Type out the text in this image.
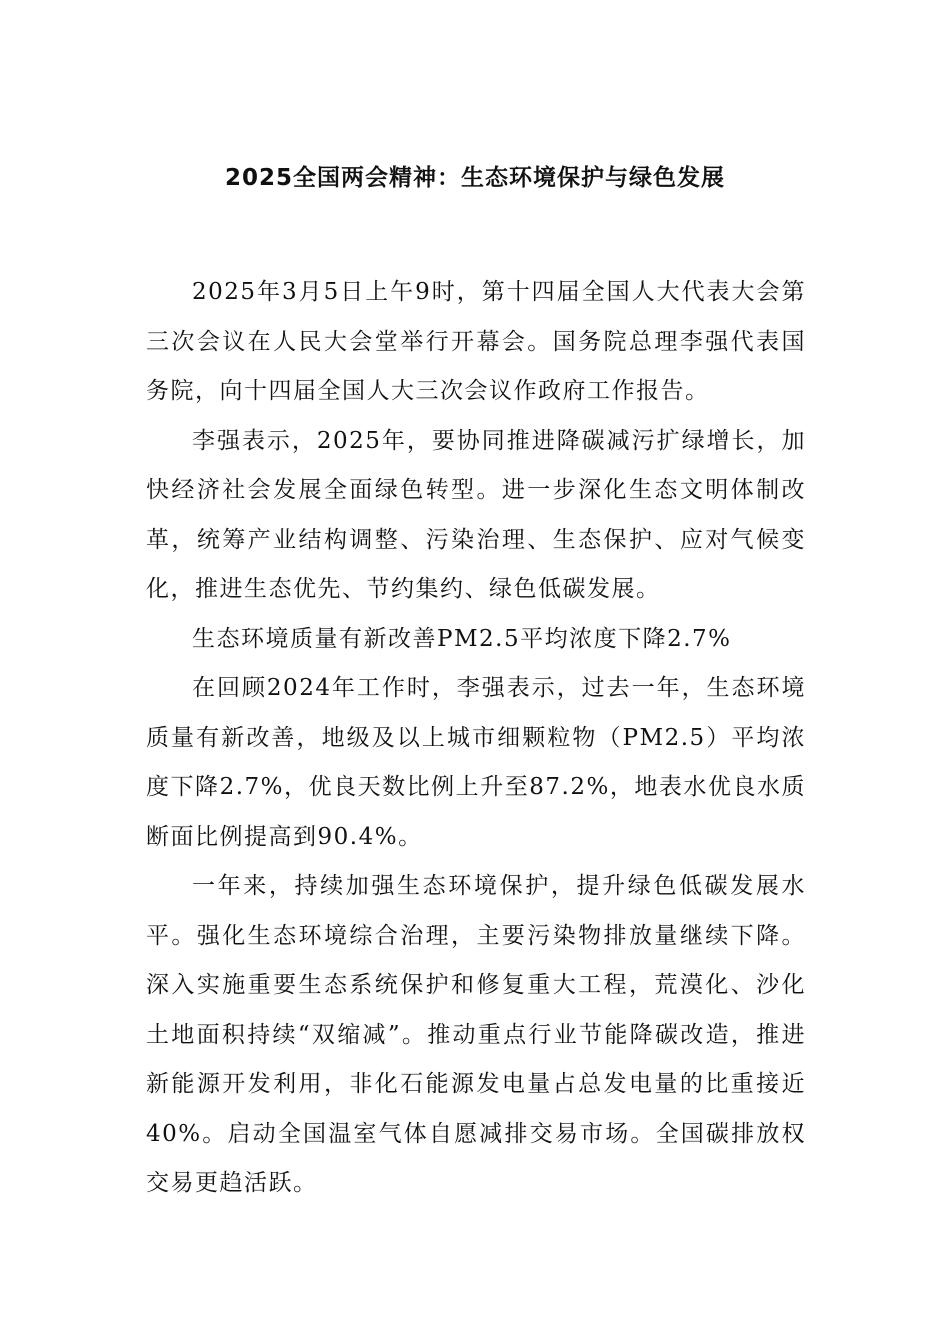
2025全国两会精神：生态环境保护与绿色发展

2025年3月5日上午9时，第十四届全国人大代表大会第三次会议在人民大会堂举行开幕会。国务院总理李强代表国务院，向十四届全国人大三次会议作政府工作报告。

李强表示，2025年，要协同推进降碳减污扩绿增长，加快经济社会发展全面绿色转型。进一步深化生态文明体制改革，统筹产业结构调整、污染治理、生态保护、应对气候变化，推进生态优先、节约集约、绿色低碳发展。

生态环境质量有新改善PM2.5平均浓度下降2.7%

在回顾2024年工作时，李强表示，过去一年，生态环境质量有新改善，地级及以上城市细颗粒物（PM2.5）平均浓度下降2.7%，优良天数比例上升至87.2%，地表水优良水质断面比例提高到90.4%。

一年来，持续加强生态环境保护，提升绿色低碳发展水平。强化生态环境综合治理，主要污染物排放量继续下降。深入实施重要生态系统保护和修复重大工程，荒漠化、沙化土地面积持续“双缩减”。推动重点行业节能降碳改造，推进新能源开发利用，非化石能源发电量占总发电量的比重接近40%。启动全国温室气体自愿减排交易市场。全国碳排放权交易更趋活跃。
